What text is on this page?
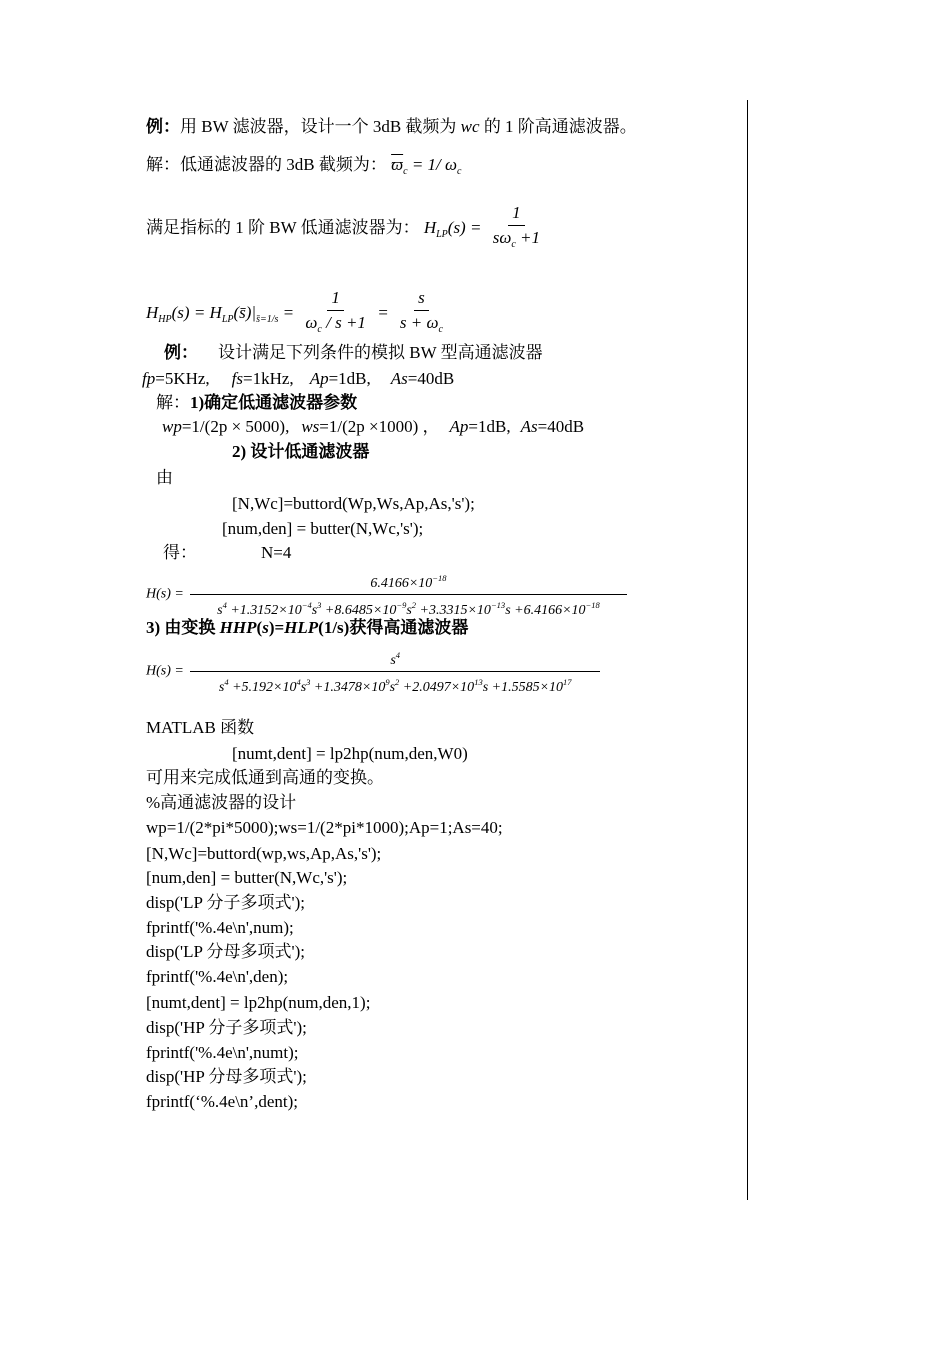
例：用 BW 滤波器，设计一个 3dB 截频为 wc 的 1 阶高通滤波器。
解：低通滤波器的 3dB 截频为： $\overline{ϖ}_c = 1/$ $\omega_c$
满足指标的 1 阶 BW 低通滤波器为： $H_{LP}(s) = \frac{1}{s\omega_c +1}$
$H_{HP}(s)$ = $H_{LP}(s̄)|_{s̄=1/s} = \frac{1}{\omega_c / s +1} = \frac{s}{s + \omega_c}$
例： 设计满足下列条件的模拟 BW 型高通滤波器
fp=5KHz, fs=1kHz, Ap=1dB, As=40dB
解：1)确定低通滤波器参数
wp=1/(2p × 5000), ws=1/(2p ×1000) ， Ap=1dB, As=40dB
2) 设计低通滤波器
由
[N,Wc]=buttord(Wp,Ws,Ap,As,'s');
[num,den] = butter(N,Wc,'s');
得：	N=4
H(s) =
$6.4166\times 10^{-18}$
$s^4 +1.3152\times 10^{-4}s^3 +8.6485\times 10^{-9}s^2 +3.3315\times 10^{-13}s +6.4166\times 10^{-18}$
3) 由变换 HHP(s)=HLP(1/s)获得高通滤波器
$H(s) = \frac{s^4}{s^4 +5.192\times 10^4s^3 +1.3478\times 10^9s^2 +2.0497\times 10^{13}s +1.5585\times 10^{17}}$
MATLAB 函数
[numt,dent] = lp2hp(num,den,W0)
可用来完成低通到高通的变换。
%高通滤波器的设计
wp=1/(2*pi*5000);ws=1/(2*pi*1000);Ap=1;As=40;
[N,Wc]=buttord(wp,ws,Ap,As,'s');
[num,den] = butter(N,Wc,'s');
disp('LP 分子多项式');
fprintf('%.4e\n',num);
disp('LP 分母多项式');
fprintf('%.4e\n',den);
[numt,dent] = lp2hp(num,den,1);
disp('HP 分子多项式');
fprintf('%.4e\n',numt);
disp('HP 分母多项式');
fprintf(‘%.4e\n’,dent);
